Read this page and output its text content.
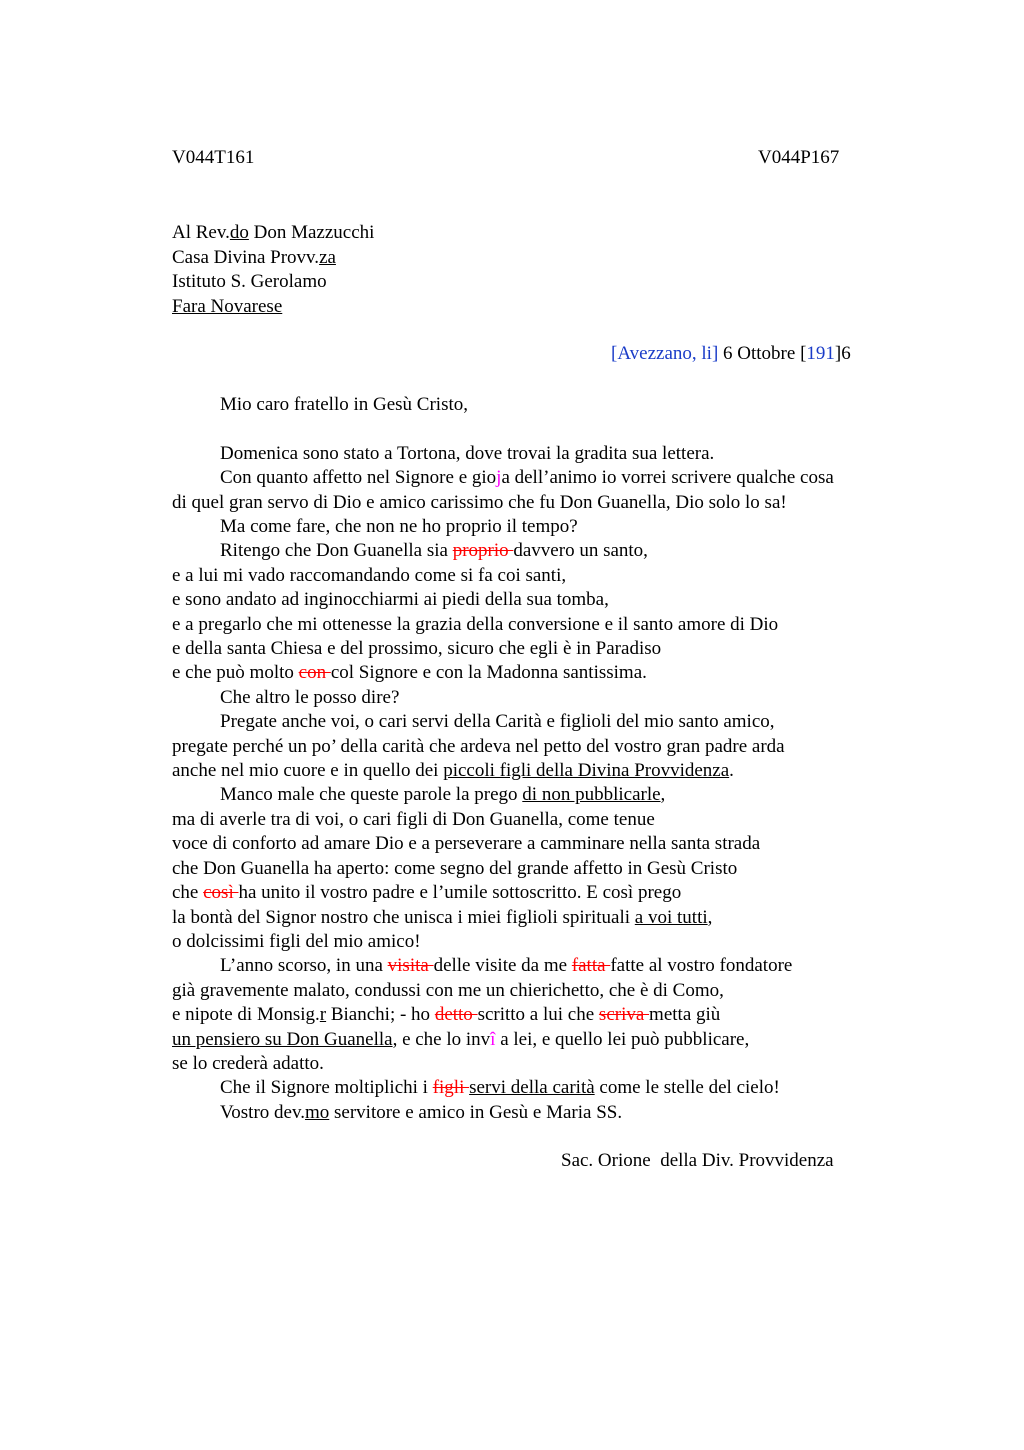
V044T161	V044P167
Al Rev.do Don Mazzucchi
Casa Divina Provv.za
Istituto S. Gerolamo
Fara Novarese
[Avezzano, li] 6 Ottobre [191]6
Mio caro fratello in Gesù Cristo,
Domenica sono stato a Tortona, dove trovai la gradita sua lettera.
Con quanto affetto nel Signore e gioja dell’animo io vorrei scrivere qualche cosa
di quel gran servo di Dio e amico carissimo che fu Don Guanella, Dio solo lo sa!
Ma come fare, che non ne ho proprio il tempo?
Ritengo che Don Guanella sia proprio davvero un santo,
e a lui mi vado raccomandando come si fa coi santi,
e sono andato ad inginocchiarmi ai piedi della sua tomba,
e a pregarlo che mi ottenesse la grazia della conversione e il santo amore di Dio
e della santa Chiesa e del prossimo, sicuro che egli è in Paradiso
e che può molto con col Signore e con la Madonna santissima.
Che altro le posso dire?
Pregate anche voi, o cari servi della Carità e figlioli del mio santo amico,
pregate perché un po’ della carità che ardeva nel petto del vostro gran padre arda
anche nel mio cuore e in quello dei piccoli figli della Divina Provvidenza.
Manco male che queste parole la prego di non pubblicarle,
ma di averle tra di voi, o cari figli di Don Guanella, come tenue
voce di conforto ad amare Dio e a perseverare a camminare nella santa strada
che Don Guanella ha aperto: come segno del grande affetto in Gesù Cristo
che così ha unito il vostro padre e l’umile sottoscritto. E così prego
la bontà del Signor nostro che unisca i miei figlioli spirituali a voi tutti,
o dolcissimi figli del mio amico!
L’anno scorso, in una visita delle visite da me fatta fatte al vostro fondatore
già gravemente malato, condussi con me un chierichetto, che è di Como,
e nipote di Monsig.r Bianchi; - ho detto scritto a lui che scriva metta giù
un pensiero su Don Guanella, e che lo invî a lei, e quello lei può pubblicare,
se lo crederà adatto.
Che il Signore moltiplichi i figli servi della carità come le stelle del cielo!
Vostro dev.mo servitore e amico in Gesù e Maria SS.
Sac. Orione  della Div. Provvidenza
